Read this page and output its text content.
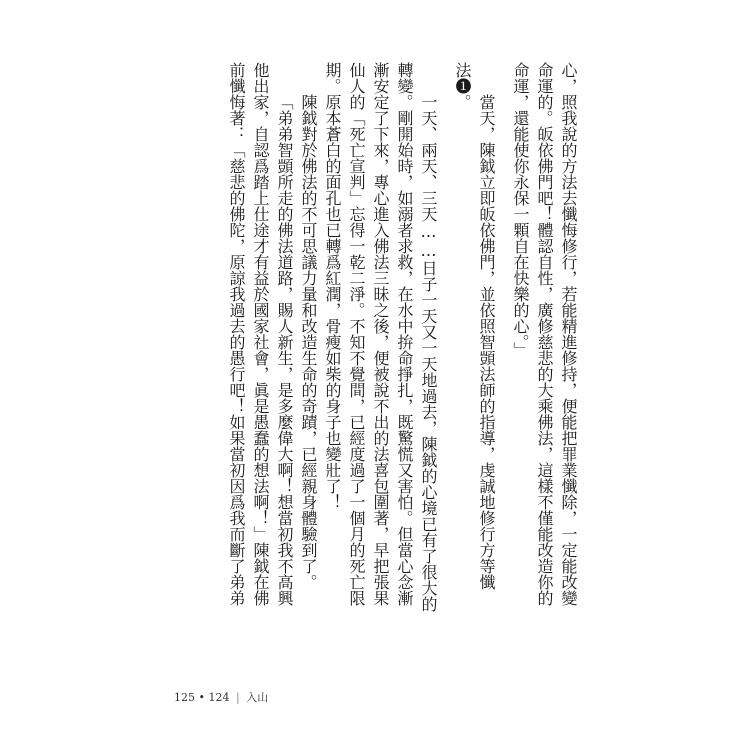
心，照我說的方法去懺悔修行，若能精進修持，便能把罪業懺除，一定能改變
命運的。皈依佛門吧！體認自性，廣修慈悲的大乘佛法，這樣不僅能改造你的
命運，還能使你永保一顆自在快樂的心。」
當天，陳鉞立即皈依佛門，並依照智顗法師的指導，虔誠地修行方等懺
法❶。
一天、兩天、三天……日子一天又一天地過去，陳鉞的心境已有了很大的
轉變。剛開始時，如溺者求救，在水中拚命掙扎，既驚慌又害怕。但當心念漸
漸安定了下來，專心進入佛法三昧之後，便被說不出的法喜包圍著，早把張果
仙人的「死亡宣判」忘得一乾二淨。不知不覺間，已經度過了一個月的死亡限
期。原本蒼白的面孔也已轉爲紅潤，骨瘦如柴的身子也變壯了！
陳鉞對於佛法的不可思議力量和改造生命的奇蹟，已經親身體驗到了。
「弟弟智顗所走的佛法道路，賜人新生，是多麼偉大啊！想當初我不高興
他出家，自認爲踏上仕途才有益於國家社會，眞是愚蠢的想法啊！」陳鉞在佛
前懺悔著：「慈悲的佛陀，原諒我過去的愚行吧！如果當初因爲我而斷了弟弟
125 • 124 | 入山
